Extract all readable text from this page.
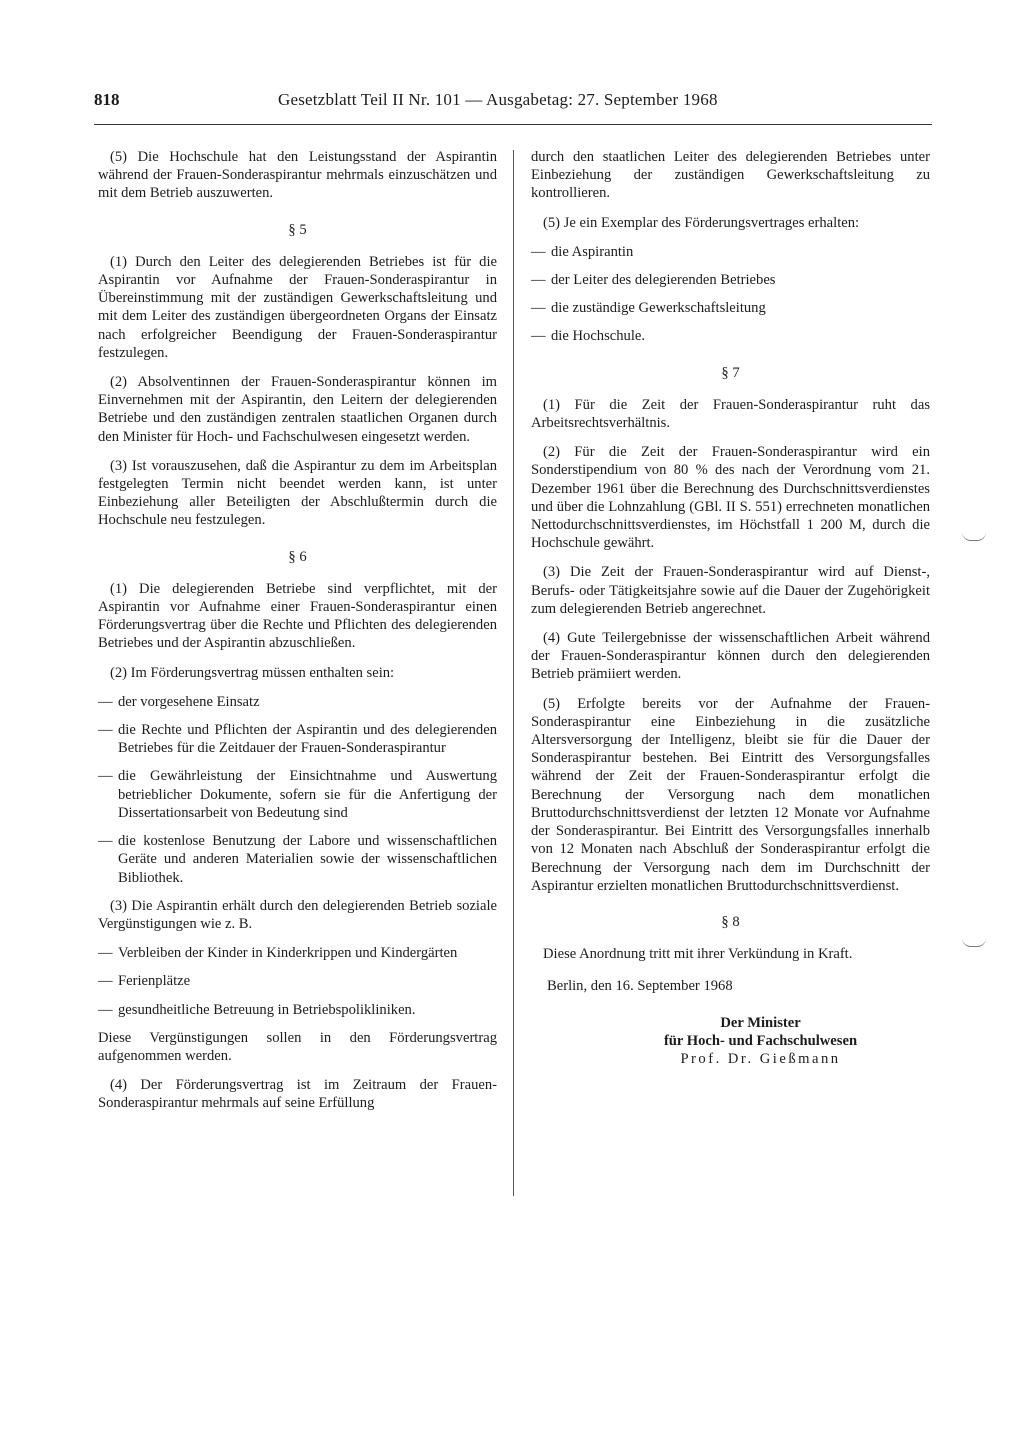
818	Gesetzblatt Teil II Nr. 101 — Ausgabetag: 27. September 1968

(5) Die Hochschule hat den Leistungsstand der Aspirantin während der Frauen-Sonderaspirantur mehrmals einzuschätzen und mit dem Betrieb auszuwerten.

§ 5

(1) Durch den Leiter des delegierenden Betriebes ist für die Aspirantin vor Aufnahme der Frauen-Sonderaspirantur in Übereinstimmung mit der zuständigen Gewerkschaftsleitung und mit dem Leiter des zuständigen übergeordneten Organs der Einsatz nach erfolgreicher Beendigung der Frauen-Sonderaspirantur festzulegen.

(2) Absolventinnen der Frauen-Sonderaspirantur können im Einvernehmen mit der Aspirantin, den Leitern der delegierenden Betriebe und den zuständigen zentralen staatlichen Organen durch den Minister für Hoch- und Fachschulwesen eingesetzt werden.

(3) Ist vorauszusehen, daß die Aspirantur zu dem im Arbeitsplan festgelegten Termin nicht beendet werden kann, ist unter Einbeziehung aller Beteiligten der Abschlußtermin durch die Hochschule neu festzulegen.

§ 6

(1) Die delegierenden Betriebe sind verpflichtet, mit der Aspirantin vor Aufnahme einer Frauen-Sonderaspirantur einen Förderungsvertrag über die Rechte und Pflichten des delegierenden Betriebes und der Aspirantin abzuschließen.

(2) Im Förderungsvertrag müssen enthalten sein:

— der vorgesehene Einsatz
— die Rechte und Pflichten der Aspirantin und des delegierenden Betriebes für die Zeitdauer der Frauen-Sonderaspirantur
— die Gewährleistung der Einsichtnahme und Auswertung betrieblicher Dokumente, sofern sie für die Anfertigung der Dissertationsarbeit von Bedeutung sind
— die kostenlose Benutzung der Labore und wissenschaftlichen Geräte und anderen Materialien sowie der wissenschaftlichen Bibliothek.

(3) Die Aspirantin erhält durch den delegierenden Betrieb soziale Vergünstigungen wie z. B.

— Verbleiben der Kinder in Kinderkrippen und Kindergärten
— Ferienplätze
— gesundheitliche Betreuung in Betriebspolikliniken.

Diese Vergünstigungen sollen in den Förderungsvertrag aufgenommen werden.

(4) Der Förderungsvertrag ist im Zeitraum der Frauen-Sonderaspirantur mehrmals auf seine Erfüllung

durch den staatlichen Leiter des delegierenden Betriebes unter Einbeziehung der zuständigen Gewerkschaftsleitung zu kontrollieren.

(5) Je ein Exemplar des Förderungsvertrages erhalten:

— die Aspirantin
— der Leiter des delegierenden Betriebes
— die zuständige Gewerkschaftsleitung
— die Hochschule.
§ 7

(1) Für die Zeit der Frauen-Sonderaspirantur ruht das Arbeitsrechtsverhältnis.

(2) Für die Zeit der Frauen-Sonderaspirantur wird ein Sonderstipendium von 80 % des nach der Verordnung vom 21. Dezember 1961 über die Berechnung des Durchschnittsverdienstes und über die Lohnzahlung (GBl. II S. 551) errechneten monatlichen Nettodurchschnittsverdienstes, im Höchstfall 1 200 M, durch die Hochschule gewährt.

(3) Die Zeit der Frauen-Sonderaspirantur wird auf Dienst-, Berufs- oder Tätigkeitsjahre sowie auf die Dauer der Zugehörigkeit zum delegierenden Betrieb angerechnet.

(4) Gute Teilergebnisse der wissenschaftlichen Arbeit während der Frauen-Sonderaspirantur können durch den delegierenden Betrieb prämiiert werden.

(5) Erfolgte bereits vor der Aufnahme der Frauen-Sonderaspirantur eine Einbeziehung in die zusätzliche Altersversorgung der Intelligenz, bleibt sie für die Dauer der Sonderaspirantur bestehen. Bei Eintritt des Versorgungsfalles während der Zeit der Frauen-Sonderaspirantur erfolgt die Berechnung der Versorgung nach dem monatlichen Bruttodurchschnittsverdienst der letzten 12 Monate vor Aufnahme der Sonderaspirantur. Bei Eintritt des Versorgungsfalles innerhalb von 12 Monaten nach Abschluß der Sonderaspirantur erfolgt die Berechnung der Versorgung nach dem im Durchschnitt der Aspirantur erzielten monatlichen Bruttodurchschnittsverdienst.

§ 8

Diese Anordnung tritt mit ihrer Verkündung in Kraft.

Berlin, den 16. September 1968

Der Minister

für Hoch- und Fachschulwesen

Prof. Dr. Gießmann
